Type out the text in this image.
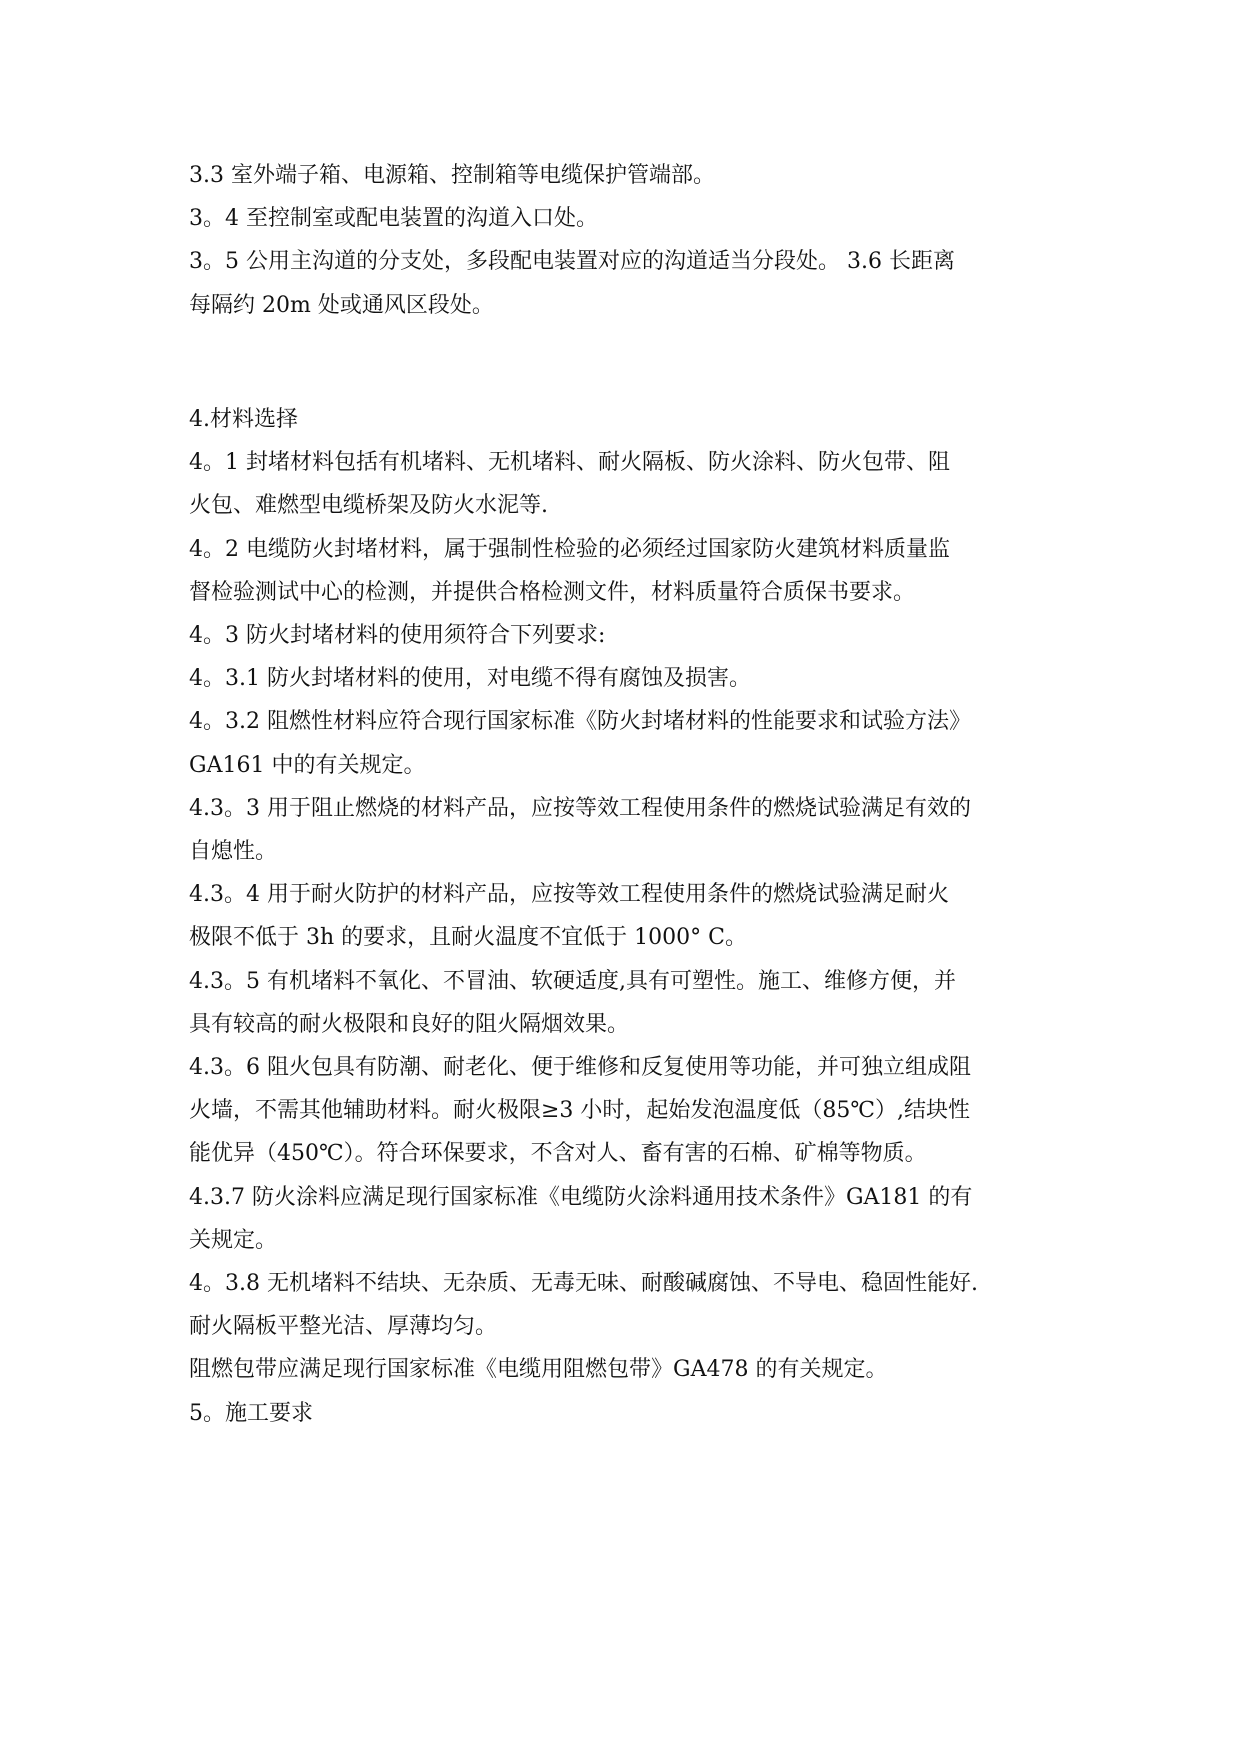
3.3 室外端子箱、电源箱、控制箱等电缆保护管端部。

3。4 至控制室或配电装置的沟道入口处。

3。5 公用主沟道的分支处，多段配电装置对应的沟道适当分段处。 3.6 长距离

每隔约 20m 处或通风区段处。

4.材料选择

4。1 封堵材料包括有机堵料、无机堵料、耐火隔板、防火涂料、防火包带、阻

火包、难燃型电缆桥架及防火水泥等.

4。2 电缆防火封堵材料，属于强制性检验的必须经过国家防火建筑材料质量监

督检验测试中心的检测，并提供合格检测文件，材料质量符合质保书要求。

4。3 防火封堵材料的使用须符合下列要求:

4。3.1 防火封堵材料的使用，对电缆不得有腐蚀及损害。

4。3.2 阻燃性材料应符合现行国家标准《防火封堵材料的性能要求和试验方法》

GA161 中的有关规定。

4.3。3 用于阻止燃烧的材料产品，应按等效工程使用条件的燃烧试验满足有效的

自熄性。

4.3。4 用于耐火防护的材料产品，应按等效工程使用条件的燃烧试验满足耐火

极限不低于 3h 的要求，且耐火温度不宜低于 1000° C。

4.3。5 有机堵料不氧化、不冒油、软硬适度,具有可塑性。施工、维修方便，并

具有较高的耐火极限和良好的阻火隔烟效果。

4.3。6 阻火包具有防潮、耐老化、便于维修和反复使用等功能，并可独立组成阻

火墙，不需其他辅助材料。耐火极限≥3 小时，起始发泡温度低（85℃）,结块性

能优异（450℃）。符合环保要求，不含对人、畜有害的石棉、矿棉等物质。

4.3.7 防火涂料应满足现行国家标准《电缆防火涂料通用技术条件》GA181 的有

关规定。

4。3.8 无机堵料不结块、无杂质、无毒无味、耐酸碱腐蚀、不导电、稳固性能好.

耐火隔板平整光洁、厚薄均匀。

阻燃包带应满足现行国家标准《电缆用阻燃包带》GA478 的有关规定。

5。施工要求
